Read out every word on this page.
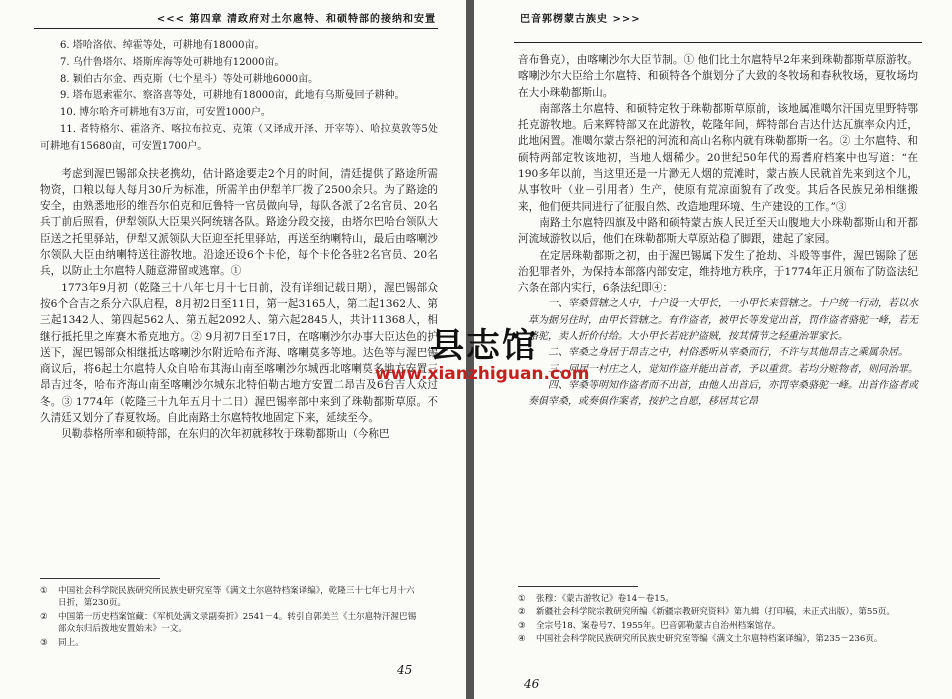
<<< 第四章 清政府对土尔扈特、和硕特部的接纳和安置

6. 塔哈洛依、绰霍等处，可耕地有18000亩。

7. 乌什鲁塔尔、塔斯库海等处可耕地有12000亩。

8. 颖伯古尔金、西克斯（七个星斗）等处可耕地6000亩。

9. 塔布恩索霍尔、察洛喜等处，可耕地有18000亩，此地有乌斯曼回子耕种。

10. 博尔哈齐可耕地有3万亩，可安置1000户。

11. 者特格尔、霍洛齐、喀拉布拉克、克策（又译成开泽、开宰等）、哈拉莫敦等5处可耕地有15680亩，可安置1700户。

考虑到渥巴锡部众扶老携幼，估计路途要走2个月的时间，清廷提供了路途所需物资，口粮以每人每月30斤为标准，所需羊由伊犁羊厂拨了2500余只。为了路途的安全，由熟悉地形的维吾尔伯克和厄鲁特一官员做向导，每队各派了2名官员、20名兵丁前后照看，伊犁领队大臣果兴阿统辖各队。路途分段交接，由塔尔巴哈台领队大臣送之托里驿站，伊犁又派领队大臣迎至托里驿站，再送至纳喇特山，最后由喀喇沙尔领队大臣由纳喇特送往游牧地。沿途还设6个卡伦，每个卡伦各驻2名官员、20名兵，以防止土尔扈特人随意滞留或逃窜。①

1773年9月初（乾隆三十八年七月十七日前，没有详细记载日期），渥巴锡部众按6个合吉之系分六队启程，8月初2日至11日，第一起3165人，第二起1362人、第三起1342人、第四起562人、第五起2092人、第六起2845人，共计11368人，相继行抵托里之库赛木希克地方。② 9月初7日至17日，在喀喇沙尔办事大臣达色的护送下，渥巴锡部众相继抵达喀喇沙尔附近哈布齐海、喀喇莫多等地。达色等与渥巴锡商议后，将6起土尔扈特人众自哈布其海山南至喀喇沙尔城西北喀喇莫多地方安置三昂吉过冬，哈布齐海山南至喀喇沙尔城东北特伯勒古地方安置二昂吉及6台吉人众过冬。③ 1774年（乾隆三十九年五月十二日）渥巴锡率部中来到了珠勒都斯草原。不久清廷又划分了春夏牧场。自此南路土尔扈特牧地固定下来，延续至今。

贝勒恭格所率和硕特部，在东归的次年初就移牧于珠勒都斯山（今称巴

①	中国社会科学院民族研究所民族史研究室等《满文土尔扈特档案译编》，乾隆三十七年七月十六日折，第230页。
②	中国第一历史档案馆藏：《军机处满文录副奏折》2541－4。转引自郭美兰《土尔扈特汗渥巴锡部众东归后拨地安置始末》一文。
③	同上。
45
巴音郭楞蒙古族史 >>>

音布鲁克），由喀喇沙尔大臣节制。① 他们比土尔扈特早2年来到珠勒都斯草原游牧。喀喇沙尔大臣给土尔扈特、和硕特各个旗划分了大致的冬牧场和春秋牧场，夏牧场均在大小珠勒都斯山。

南部落土尔扈特、和硕特定牧于珠勒都斯草原前，该地属准噶尔汗国克里野特鄂托克游牧地。后来辉特部又在此游牧，乾隆年间，辉特部台吉达什达瓦旗率众内迁，此地闲置。准噶尔蒙古祭祀的河流和高山名称内就有珠勒都斯一名。② 土尔扈特、和硕特两部定牧该地初，当地人烟稀少。20世纪50年代的焉耆府档案中也写道：“在190多年以前，当这里还是一片渺无人烟的荒滩时，蒙古族人民就首先来到这个儿，从事牧叶（业－引用者）生产，使原有荒凉面貌有了改变。其后各民族兄弟相继搬来，他们便共同进行了征服自然、改造地理环境、生产建设的工作。”③

南路土尔扈特四旗及中路和硕特蒙古族人民迁至天山腹地大小珠勒都斯山和开都河流域游牧以后，他们在珠勒都斯大草原站稳了脚跟，建起了家园。

在定居珠勒都斯之初，由于渥巴锡属下发生了抢劫、斗殴等事件，渥巴锡除了惩治犯罪者外，为保持本部落内部安定，维持地方秩序，于1774年正月颁布了防盗法纪六条在部内实行，6条法纪即④：

一、宰桑管辖之人中，十户设一大甲长，一小甲长来管辖之。十户统一行动，若以水草为据另住时，由甲长管辖之。有作盗者，被甲长等发觉出首，罚作盗者骆驼一峰，若无骆驼，卖人折价付给。大小甲长若庇护盗贼，按其情节之轻重治罪家长。

二、宰桑之身居于昂吉之中，村俗悉听从宰桑而行，不许与其他昂吉之乘属杂居。

三、同居一村庄之人，觉知作盗并能出首者，予以重赏。若均分赃物者，则同治罪。

四、宰桑等明知作盗者而不出首，由他人出首后，亦罚宰桑骆驼一峰。出首作盗者或奏俱宰桑，或奏俱作案者，按护之自愿，移居其它昂

①	张穆：《蒙古游牧记》卷14－卷15。
②	新疆社会科学院宗教研究所编《新疆宗教研究资料》第九辑（打印稿，未正式出版），第55页。
③	全宗号18、案卷号7、1955年。巴音郭勒蒙古自治州档案馆存。
④	中国社会科学院民族研究所民族史研究室等编《满文土尔扈特档案译编》，第235－236页。
46
县志馆
www.xianzhiguan.com
